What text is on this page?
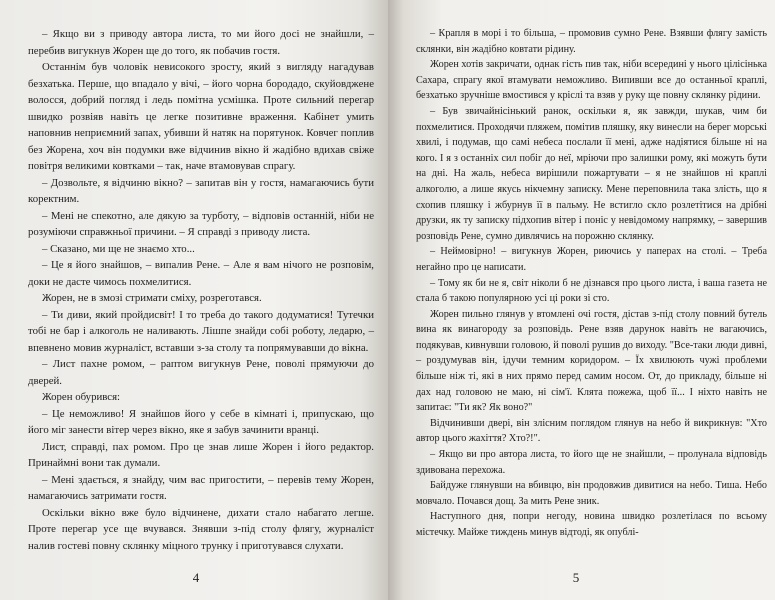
– Якщо ви з приводу автора листа, то ми його досі не знайшли, – перебив вигукнув Жорен ще до того, як побачив гостя.

Останнім був чоловік невисокого зросту, який з вигляду нагадував безхатька. Перше, що впадало у вічі, – його чорна бородадо, скуйовджене волосся, добрий погляд і ледь помітна усмішка. Проте сильний перегар швидко розвіяв навіть це легке позитивне враження. Кабінет умить наповнив неприємний запах, убивши й натяк на порятунок. Ковчег поплив без Жорена, хоч він подумки вже відчинив вікно й жадібно вдихав свіже повітря великими ковтками – так, наче втамовував спрагу.

– Дозвольте, я відчиню вікно? – запитав він у гостя, намагаючись бути коректним.

– Мені не спекотно, але дякую за турботу, – відповів останній, ніби не розуміючи справжньої причини. – Я справді з приводу листа.

– Сказано, ми ще не знаємо хто...

– Це я його знайшов, – випалив Рене. – Але я вам нічого не розповім, доки не дасте чимось похмелитися.

Жорен, не в змозі стримати сміху, розреготався.

– Ти диви, який пройдисвіт! І то треба до такого додуматися! Тутечки тобі не бар і алкоголь не наливають. Лішпе знайди собі роботу, ледарю, – впевнено мовив журналіст, вставши з-за столу та попрямувавши до вікна.

– Лист пахне ромом, – раптом вигукнув Рене, поволі прямуючи до дверей.

Жорен обурився:

– Це неможливо! Я знайшов його у себе в кімнаті і, припускаю, що його міг занести вітер через вікно, яке я забув зачинити вранці.

Лист, справді, пах ромом. Про це знав лише Жорен і його редактор. Принаймні вони так думали.

– Мені здається, я знайду, чим вас пригостити, – перевів тему Жорен, намагаючись затримати гостя.

Оскільки вікно вже було відчинене, дихати стало набагато легше. Проте перегар усе ще вчувався. Знявши з-під столу флягу, журналіст налив гостеві повну склянку міцного трунку і приготувався слухати.

4

– Крапля в морі і то більша, – промовив сумно Рене. Взявши флягу замість склянки, він жадібно ковтати рідину.

Жорен хотів закричати, однак гість пив так, ніби всередині у нього цілісінька Сахара, спрагу якої втамувати неможливо. Випивши все до останньої краплі, безхатько зручніше вмостився у кріслі та взяв у руку ще повну склянку рідини.

– Був звичайнісінький ранок, оскільки я, як завжди, шукав, чим би похмелитися. Проходячи пляжем, помітив пляшку, яку винесли на берег морські хвилі, і подумав, що самі небеса послали її мені, адже надіятися більше ні на кого. І я з останніх сил побіг до неї, мріючи про залишки рому, які можуть бути на дні. На жаль, небеса вирішили пожартувати – я не знайшов ні краплі алкоголю, а лише якусь нікчемну записку. Мене переповнила така злість, що я схопив пляшку і жбурнув її в пальму. Не встигло скло розлетітися на дрібні друзки, як ту записку підхопив вітер і поніс у невідомому напрямку, – завершив розповідь Рене, сумно дивлячись на порожню склянку.

– Неймовірно! – вигукнув Жорен, риючись у паперах на столі. – Треба негайно про це написати.

– Тому як би не я, світ ніколи б не дізнався про цього листа, і ваша газета не стала б такою популярною усі ці роки зі сто.

Жорен пильно глянув у втомлені очі гостя, дістав з-під столу повний бутель вина як винагороду за розповідь. Рене взяв дарунок навіть не вагаючись, подякував, кивнувши головою, й поволі рушив до виходу. "Все-таки люди дивні, – роздумував він, ідучи темним коридором. – Їх хвилюють чужі проблеми більше ніж ті, які в них прямо перед самим носом. От, до прикладу, більше ні дах над головою не маю, ні сім'ї. Клята пожежа, щоб її... І ніхто навіть не запитає: "Ти як? Як воно?"

Відчинивши двері, він злісним поглядом глянув на небо й викрикнув: "Хто автор цього жахіття? Хто?!".

– Якщо ви про автора листа, то його ще не знайшли, – пролунала відповідь здивована перехожа.

Байдуже глянувши на вбивцю, він продовжив дивитися на небо. Тиша. Небо мовчало. Почався дощ. За мить Рене зник.

Наступного дня, попри негоду, новина швидко розлетілася по всьому містечку. Майже тиждень минув відтоді, як опублі-

5
